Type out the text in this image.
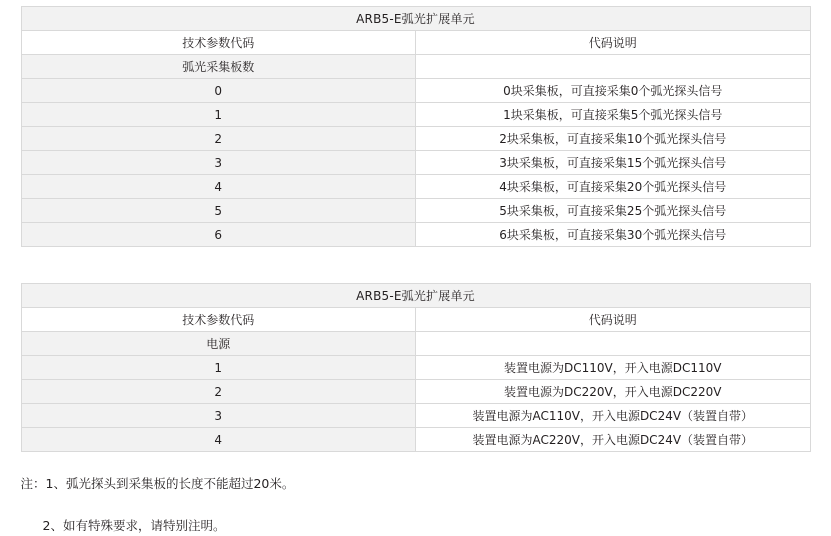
ARB5-E弧光扩展单元	
技术参数代码	代码说明
弧光采集板数	
0	0块采集板，可直接采集0个弧光探头信号
1	1块采集板，可直接采集5个弧光探头信号
2	2块采集板，可直接采集10个弧光探头信号
3	3块采集板，可直接采集15个弧光探头信号
4	4块采集板，可直接采集20个弧光探头信号
5	5块采集板，可直接采集25个弧光探头信号
6	6块采集板，可直接采集30个弧光探头信号
ARB5-E弧光扩展单元	
技术参数代码	代码说明
电源	
1	装置电源为DC110V，开入电源DC110V
2	装置电源为DC220V，开入电源DC220V
3	装置电源为AC110V，开入电源DC24V（装置自带）
4	装置电源为AC220V，开入电源DC24V（装置自带）

注：1、弧光探头到采集板的长度不能超过20米。

2、如有特殊要求，请特别注明。
